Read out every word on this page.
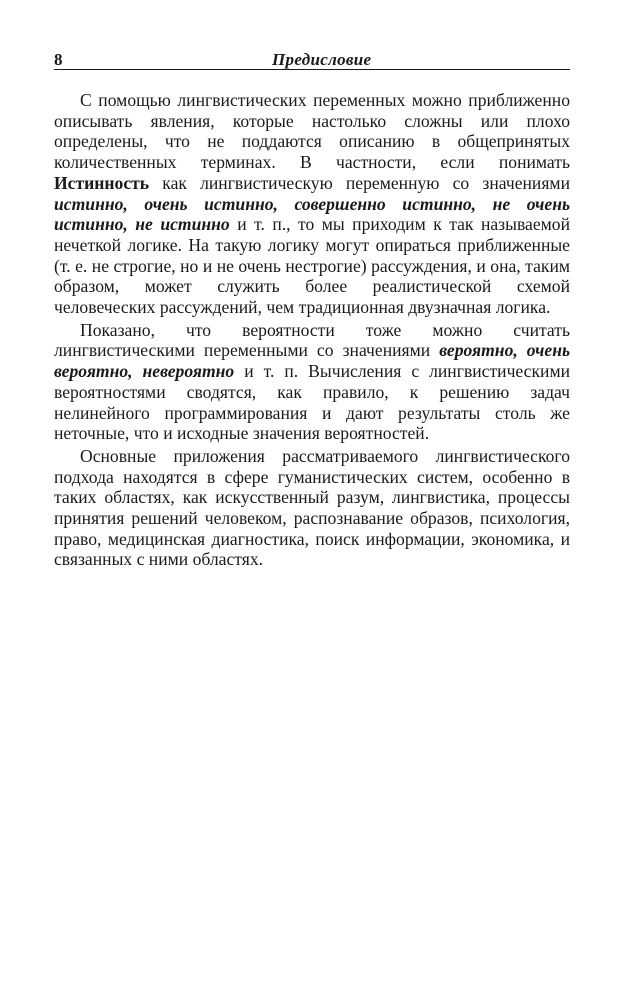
8	Предисловие

С помощью лингвистических переменных можно приближенно описывать явления, которые настолько сложны или плохо определены, что не поддаются описанию в общепринятых количественных терминах. В частности, если понимать Истинность как лингвистическую переменную со значениями истинно, очень истинно, совершенно истинно, не очень истинно, не истинно и т. п., то мы приходим к так называемой нечеткой логике. На такую логику могут опираться приближенные (т. е. не строгие, но и не очень нестрогие) рассуждения, и она, таким образом, может служить более реалистической схемой человеческих рассуждений, чем традиционная двузначная логика.

Показано, что вероятности тоже можно считать лингвистическими переменными со значениями вероятно, очень вероятно, невероятно и т. п. Вычисления с лингвистическими вероятностями сводятся, как правило, к решению задач нелинейного программирования и дают результаты столь же неточные, что и исходные значения вероятностей.

Основные приложения рассматриваемого лингвистического подхода находятся в сфере гуманистических систем, особенно в таких областях, как искусственный разум, лингвистика, процессы принятия решений человеком, распознавание образов, психология, право, медицинская диагностика, поиск информации, экономика, и связанных с ними областях.
